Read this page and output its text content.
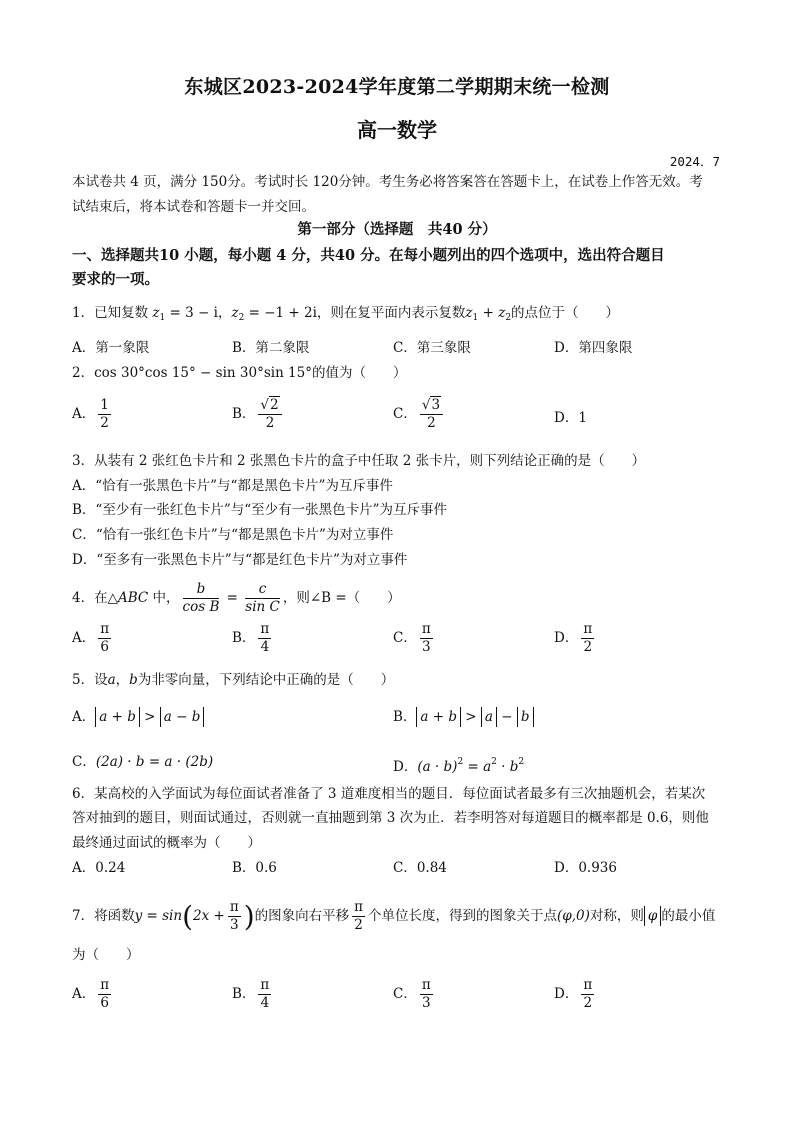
东城区2023-2024学年度第二学期期末统一检测
高一数学
2024．7
本试卷共 4 页，满分 150分。考试时长 120分钟。考生务必将答案答在答题卡上，在试卷上作答无效。考
试结束后，将本试卷和答题卡一并交回。
第一部分（选择题　共40 分）
一、选择题共10 小题，每小题 4 分，共40 分。在每小题列出的四个选项中，选出符合题目
要求的一项。
1．已知复数 $z_1 = 3 - i$，$z_2 = -1 + 2i$，则在复平面内表示复数$z_1 + z_2$的点位于（　　）
A．第一象限	B．第二象限	C．第三象限	D．第四象限
2．cos 30°cos 15° − sin 30°sin 15°的值为（　　）
A． $\frac{1}{2}$	B． $\frac{√2}{2}$	C． $\frac{√3}{2}$	D．1
3．从装有 2 张红色卡片和 2 张黑色卡片的盒子中任取 2 张卡片，则下列结论正确的是（　　）
A．“恰有一张黑色卡片”与“都是黑色卡片”为互斥事件
B．“至少有一张红色卡片”与“至少有一张黑色卡片”为互斥事件
C．“恰有一张红色卡片”与“都是黑色卡片”为对立事件
D．“至多有一张黑色卡片”与“都是红色卡片”为对立事件
4．在△ABC 中， $\frac{b}{\text{cos B}} = \frac{c}{\text{sin C}}$ ，则∠B =（　　）
A． $\frac{\pi}{6}$	B． $\frac{\pi}{4}$	C． $\frac{\pi}{3}$	D． $\frac{\pi}{2}$
5．设a，b为非零向量，下列结论中正确的是（　　）
A． a + b > a − b	B． a + b > a − b
C．(2a) · b = a · (2b)	D．$(a \cdot b)^2 = a^2 \cdot b^2$
6．某高校的入学面试为每位面试者准备了 3 道难度相当的题目．每位面试者最多有三次抽题机会，若某次
答对抽到的题目，则面试通过，否则就一直抽题到第 3 次为止．若李明答对每道题目的概率都是 0.6，则他
最终通过面试的概率为（　　）
A．0.24	B．0.6	C．0.84	D．0.936
7．将函数$y = \sin(2x + \frac{\pi}{3}$ )的图象向右平移 $\frac{\pi}{2}$ 个单位长度，得到的图象关于点(φ,0)对称，则 φ 的最小值
为（　　）
A． $\frac{\pi}{6}$	B． $\frac{\pi}{4}$	C． $\frac{\pi}{3}$	D． $\frac{\pi}{2}$
